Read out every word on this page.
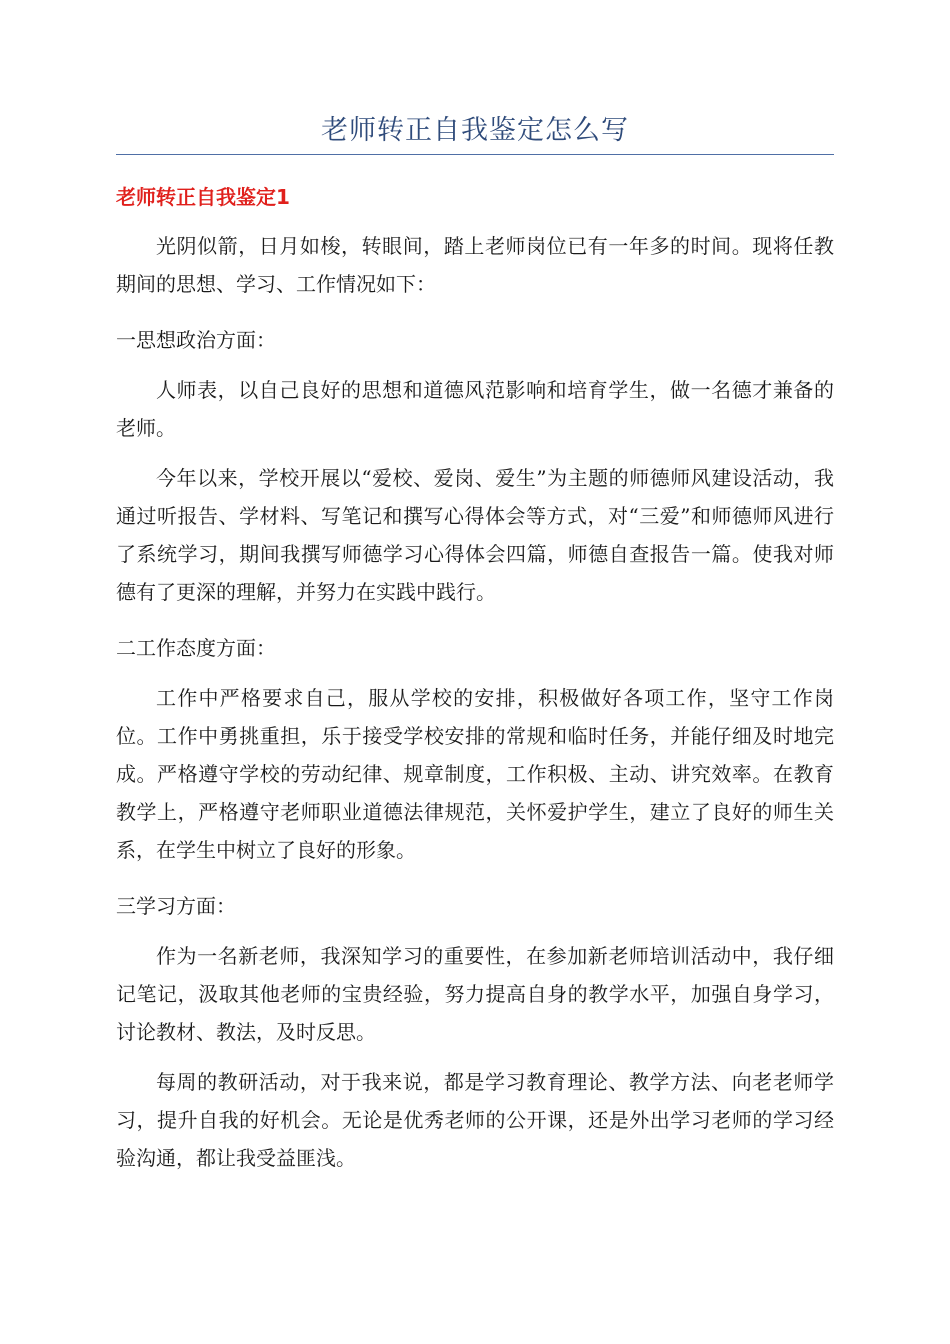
老师转正自我鉴定怎么写
老师转正自我鉴定1

光阴似箭，日月如梭，转眼间，踏上老师岗位已有一年多的时间。现将任教期间的思想、学习、工作情况如下：

一思想政治方面：

人师表，以自己良好的思想和道德风范影响和培育学生，做一名德才兼备的老师。

今年以来，学校开展以“爱校、爱岗、爱生”为主题的师德师风建设活动，我通过听报告、学材料、写笔记和撰写心得体会等方式，对“三爱”和师德师风进行了系统学习，期间我撰写师德学习心得体会四篇，师德自查报告一篇。使我对师德有了更深的理解，并努力在实践中践行。

二工作态度方面：

工作中严格要求自己，服从学校的安排，积极做好各项工作，坚守工作岗位。工作中勇挑重担，乐于接受学校安排的常规和临时任务，并能仔细及时地完成。严格遵守学校的劳动纪律、规章制度，工作积极、主动、讲究效率。在教育教学上，严格遵守老师职业道德法律规范，关怀爱护学生，建立了良好的师生关系，在学生中树立了良好的形象。

三学习方面：

作为一名新老师，我深知学习的重要性，在参加新老师培训活动中，我仔细记笔记，汲取其他老师的宝贵经验，努力提高自身的教学水平，加强自身学习，讨论教材、教法，及时反思。

每周的教研活动，对于我来说，都是学习教育理论、教学方法、向老老师学习，提升自我的好机会。无论是优秀老师的公开课，还是外出学习老师的学习经验沟通，都让我受益匪浅。
